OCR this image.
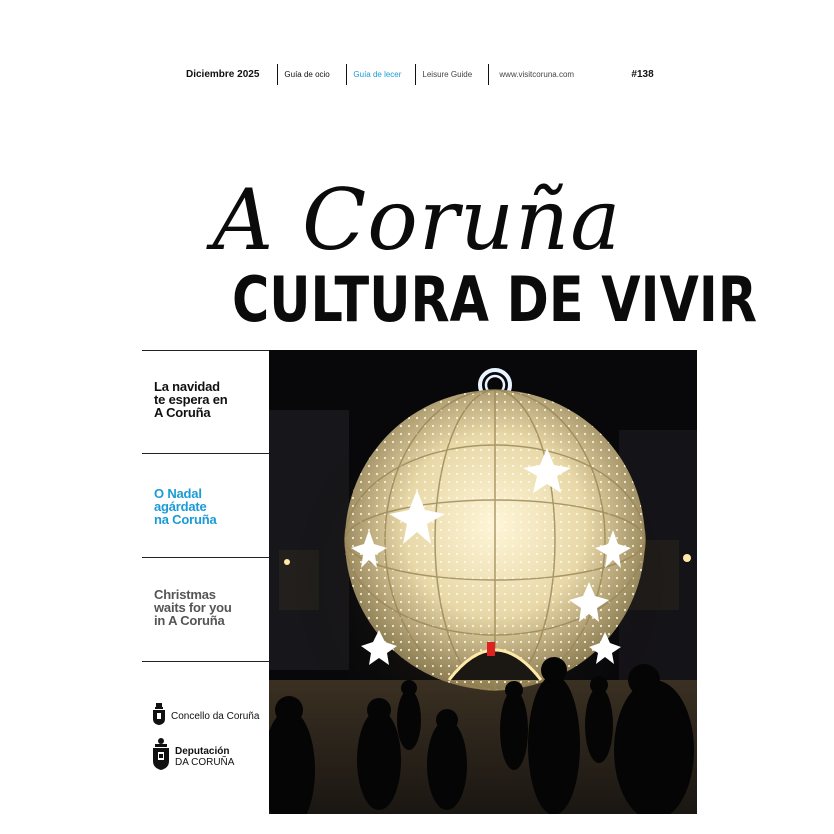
Diciembre 2025	Guía de ocio	Guía de lecer	Leisure Guide	www.visitcoruna.com	#138
A Coruña
CULTURA DE VIVIR
La navidad
te espera en
A Coruña
O Nadal
agárdate
na Coruña
Christmas
waits for you
in A Coruña
Concello da Coruña
Deputación
DA CORUÑA
